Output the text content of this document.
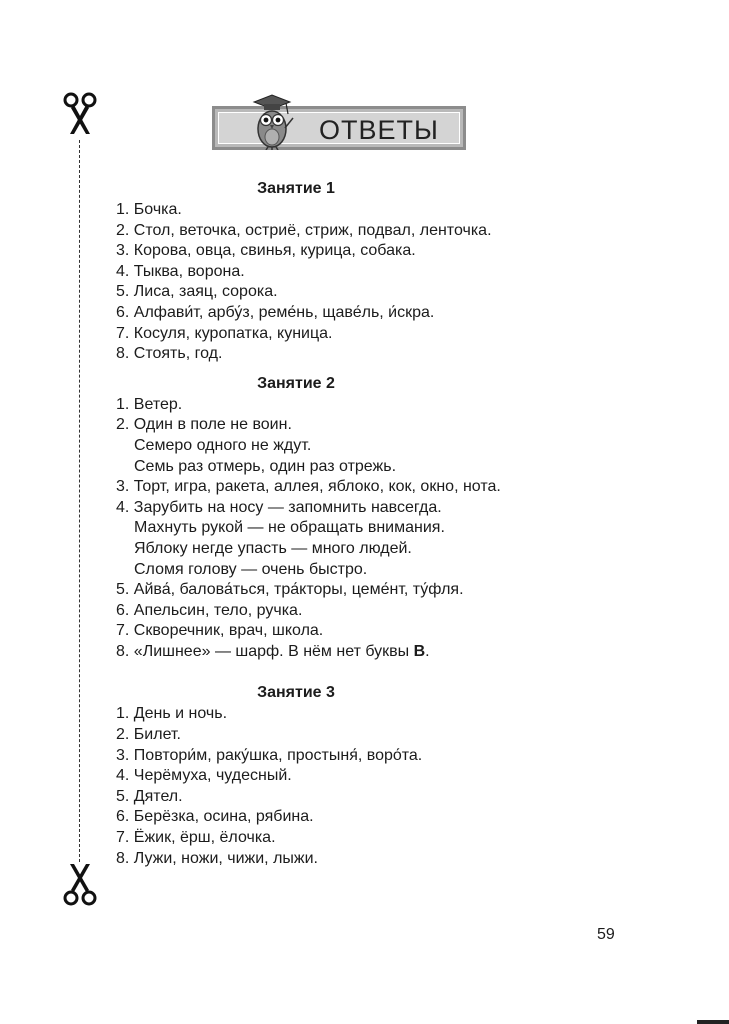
ОТВЕТЫ
Занятие 1
1. Бочка.
2. Стол, веточка, остриё, стриж, подвал, ленточка.
3. Корова, овца, свинья, курица, собака.
4. Тыква, ворона.
5. Лиса, заяц, сорока.
6. Алфави́т, арбу́з, реме́нь, щаве́ль, и́скра.
7. Косуля, куропатка, куница.
8. Стоять, год.
Занятие 2
1. Ветер.
2. Один в поле не воин.
Семеро одного не ждут.
Семь раз отмерь, один раз отрежь.
3. Торт, игра, ракета, аллея, яблоко, кок, окно, нота.
4. Зарубить на носу — запомнить навсегда.
Махнуть рукой — не обращать внимания.
Яблоку негде упасть — много людей.
Сломя голову — очень быстро.
5. Айва́, балова́ться, тра́кторы, цеме́нт, ту́фля.
6. Апельсин, тело, ручка.
7. Скворечник, врач, школа.
8. «Лишнее» — шарф. В нём нет буквы В.
Занятие 3
1. День и ночь.
2. Билет.
3. Повтори́м, раку́шка, простыня́, воро́та.
4. Черёмуха, чудесный.
5. Дятел.
6. Берёзка, осина, рябина.
7. Ёжик, ёрш, ёлочка.
8. Лужи, ножи, чижи, лыжи.
59
